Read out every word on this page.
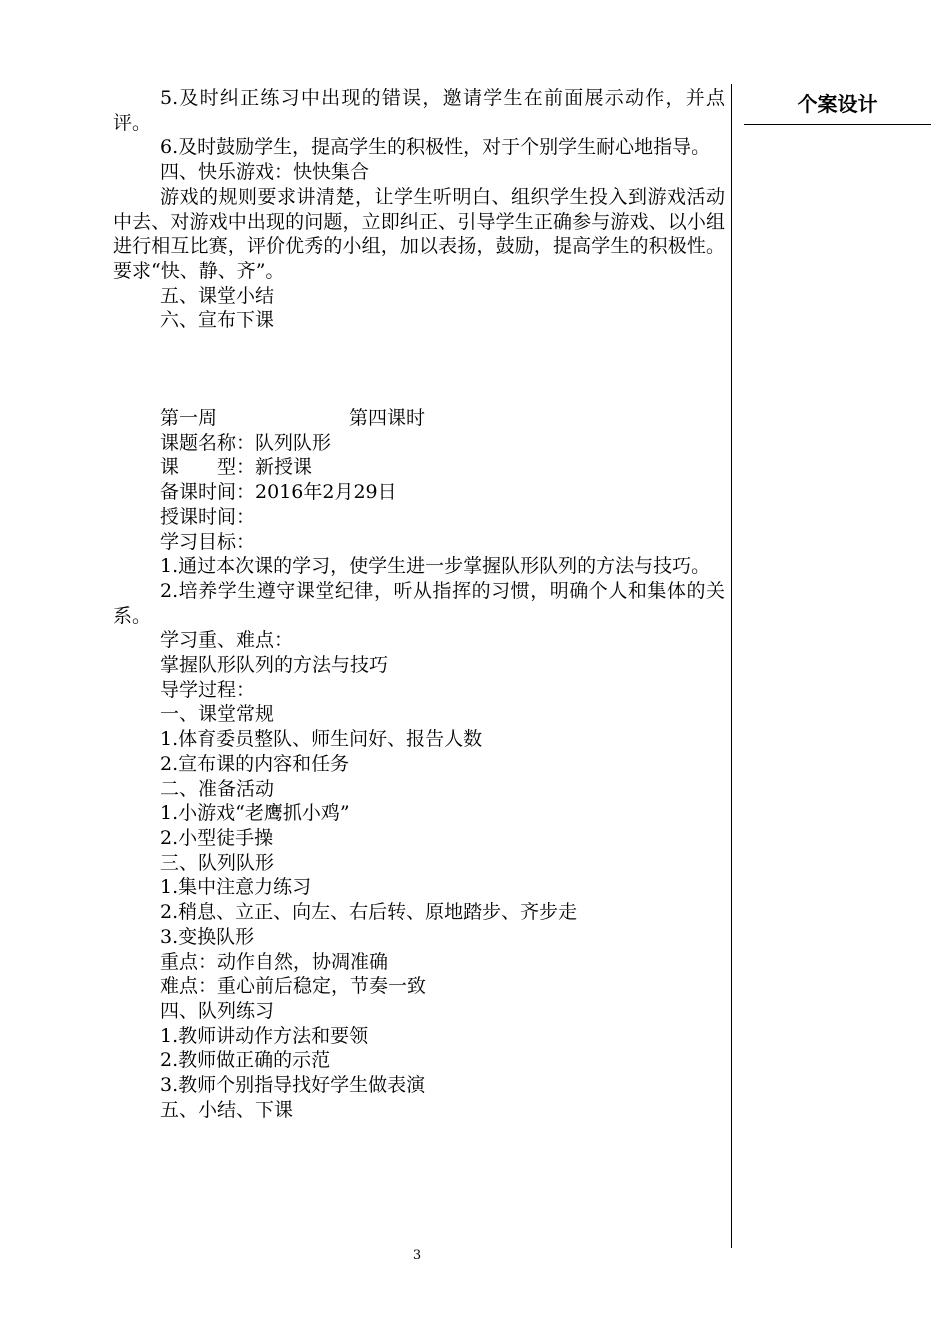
5.及时纠正练习中出现的错误，邀请学生在前面展示动作，并点评。
6.及时鼓励学生，提高学生的积极性，对于个别学生耐心地指导。
四、快乐游戏：快快集合
游戏的规则要求讲清楚，让学生听明白、组织学生投入到游戏活动中去、对游戏中出现的问题，立即纠正、引导学生正确参与游戏、以小组进行相互比赛，评价优秀的小组，加以表扬，鼓励，提高学生的积极性。要求“快、静、齐”。
五、课堂小结
六、宣布下课
第一周	第四课时
课题名称：队列队形
课 型：新授课
备课时间：2016年2月29日
授课时间：
学习目标：
1.通过本次课的学习，使学生进一步掌握队形队列的方法与技巧。
2.培养学生遵守课堂纪律，听从指挥的习惯，明确个人和集体的关系。
学习重、难点：
掌握队形队列的方法与技巧
导学过程：
一、课堂常规
1.体育委员整队、师生问好、报告人数
2.宣布课的内容和任务
二、准备活动
1.小游戏“老鹰抓小鸡”
2.小型徒手操
三、队列队形
1.集中注意力练习
2.稍息、立正、向左、右后转、原地踏步、齐步走
3.变换队形
重点：动作自然，协凋准确
难点：重心前后稳定，节奏一致
四、队列练习
1.教师讲动作方法和要领
2.教师做正确的示范
3.教师个别指导找好学生做表演
五、小结、下课
个案设计
3
